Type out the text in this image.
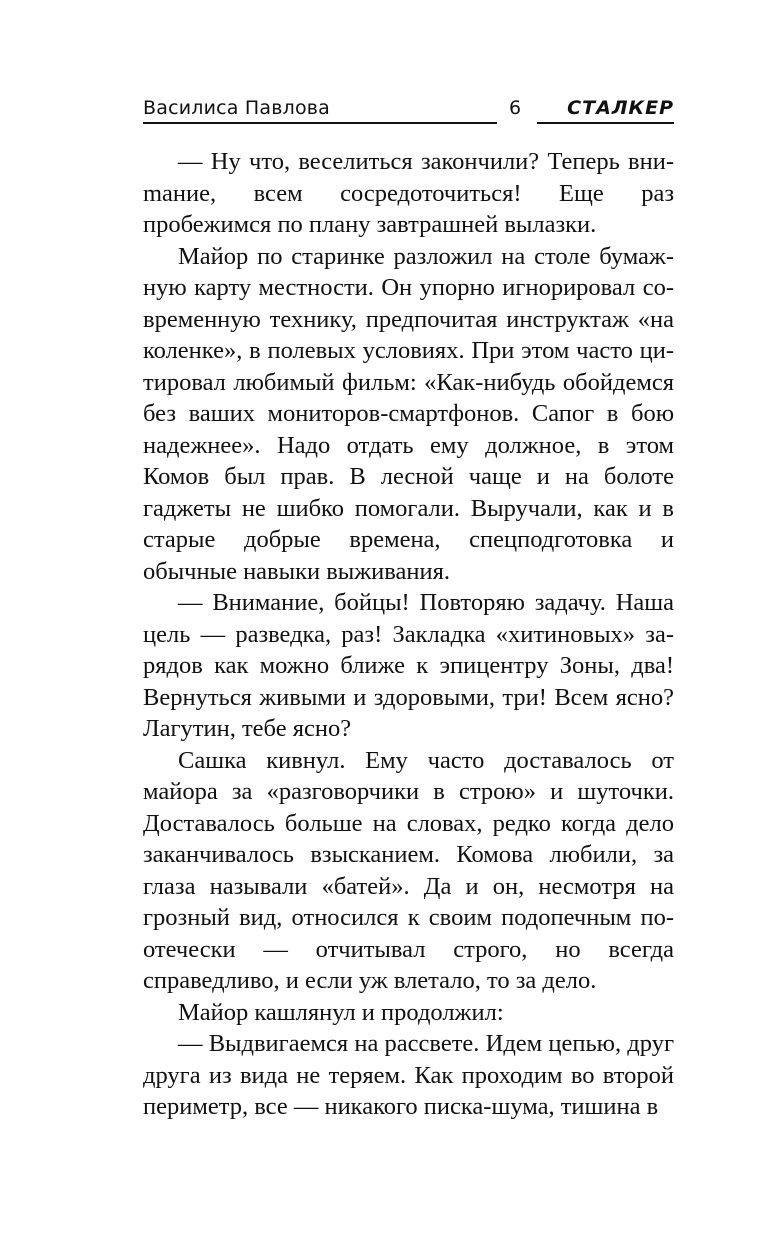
Василиса Павлова	6 СТАЛКЕР

— Ну что, веселиться закончили? Теперь вниmание, всем сосредоточиться! Еще раз пробежимся по плану завтрашней вылазки.

Майор по старинке разложил на столе бумажную карту местности. Он упорно игнорировал современную технику, предпочитая инструктаж «на коленке», в полевых условиях. При этом часто цитировал любимый фильм: «Как-нибудь обойдемся без ваших мониторов-смартфонов. Сапог в бою надежнее». Надо отдать ему должное, в этом Комов был прав. В лесной чаще и на болоте гаджеты не шибко помогали. Выручали, как и в старые добрые времена, спецподготовка и обычные навыки выживания.

— Внимание, бойцы! Повторяю задачу. Наша цель — разведка, раз! Закладка «хитиновых» зарядов как можно ближе к эпицентру Зоны, два! Вернуться живыми и здоровыми, три! Всем ясно? Лагутин, тебе ясно?

Сашка кивнул. Ему часто доставалось от майора за «разговорчики в строю» и шуточки. Доставалось больше на словах, редко когда дело заканчивалось взысканием. Комова любили, за глаза называли «батей». Да и он, несмотря на грозный вид, относился к своим подопечным по-отечески — отчитывал строго, но всегда справедливо, и если уж влетало, то за дело.

Майор кашлянул и продолжил:

— Выдвигаемся на рассвете. Идем цепью, друг друга из вида не теряем. Как проходим во второй периметр, все — никакого писка-шума, тишина в
